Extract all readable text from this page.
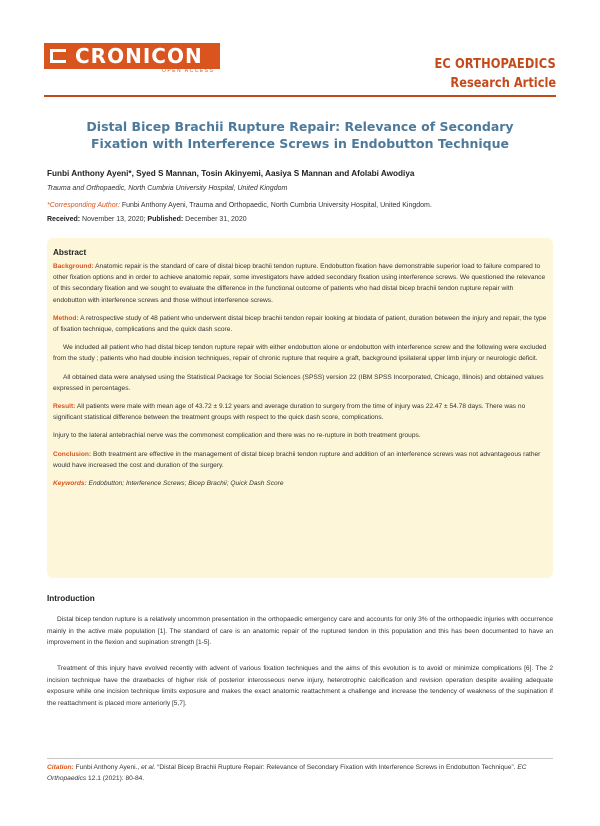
CRONICON
OPEN ACCESS	EC ORTHOPAEDICS
Research Article
Distal Bicep Brachii Rupture Repair: Relevance of Secondary
Fixation with Interference Screws in Endobutton Technique
Funbi Anthony Ayeni*, Syed S Mannan, Tosin Akinyemi, Aasiya S Mannan and Afolabi Awodiya
Trauma and Orthopaedic, North Cumbria University Hospital, United Kingdom
*Corresponding Author: Funbi Anthony Ayeni, Trauma and Orthopaedic, North Cumbria University Hospital, United Kingdom.
Received: November 13, 2020; Published: December 31, 2020
Abstract

Background: Anatomic repair is the standard of care of distal bicep brachii tendon rupture. Endobutton fixation have demonstrable superior load to failure compared to other fixation options and in order to achieve anatomic repair, some investigators have added secondary fixation using interference screws. We questioned the relevance of this secondary fixation and we sought to evaluate the difference in the functional outcome of patients who had distal bicep brachii tendon rupture repair with endobutton with interference screws and those without interference screws.

Method: A retrospective study of 48 patient who underwent distal bicep brachii tendon repair looking at biodata of patient, duration between the injury and repair, the type of fixation technique, complications and the quick dash score.

We included all patient who had distal bicep tendon rupture repair with either endobutton alone or endobutton with interference screw and the following were excluded from the study ; patients who had double incision techniques, repair of chronic rupture that require a graft, background ipsilateral upper limb injury or neurologic deficit.

All obtained data were analysed using the Statistical Package for Social Sciences (SPSS) version 22 (IBM SPSS Incorporated, Chicago, Illinois) and obtained values expressed in percentages.

Result: All patients were male with mean age of 43.72 ± 9.12 years and average duration to surgery from the time of injury was 22.47 ± 54.78 days. There was no significant statistical difference between the treatment groups with respect to the quick dash score, complications.

Injury to the lateral antebrachial nerve was the commonest complication and there was no re-rupture in both treatment groups.

Conclusion: Both treatment are effective in the management of distal bicep brachii tendon rupture and addition of an interference screws was not advantageous rather would have increased the cost and duration of the surgery.

Keywords: Endobutton; Interference Screws; Bicep Brachii; Quick Dash Score

Introduction

Distal bicep tendon rupture is a relatively uncommon presentation in the orthopaedic emergency care and accounts for only 3% of the orthopaedic injuries with occurrence mainly in the active male population [1]. The standard of care is an anatomic repair of the ruptured tendon in this population and this has been documented to have an improvement in the flexion and supination strength [1-5].

Treatment of this injury have evolved recently with advent of various fixation techniques and the aims of this evolution is to avoid or minimize complications [6]. The 2 incision technique have the drawbacks of higher risk of posterior interosseous nerve injury, heterotrophic calcification and revision operation despite availing adequate exposure while one incision technique limits exposure and makes the exact anatomic reattachment a challenge and increase the tendency of weakness of the supination if the reattachment is placed more anteriorly [5,7].

Citation: Funbi Anthony Ayeni., et al. “Distal Bicep Brachii Rupture Repair: Relevance of Secondary Fixation with Interference Screws in Endobutton Technique”. EC Orthopaedics 12.1 (2021): 80-84.
